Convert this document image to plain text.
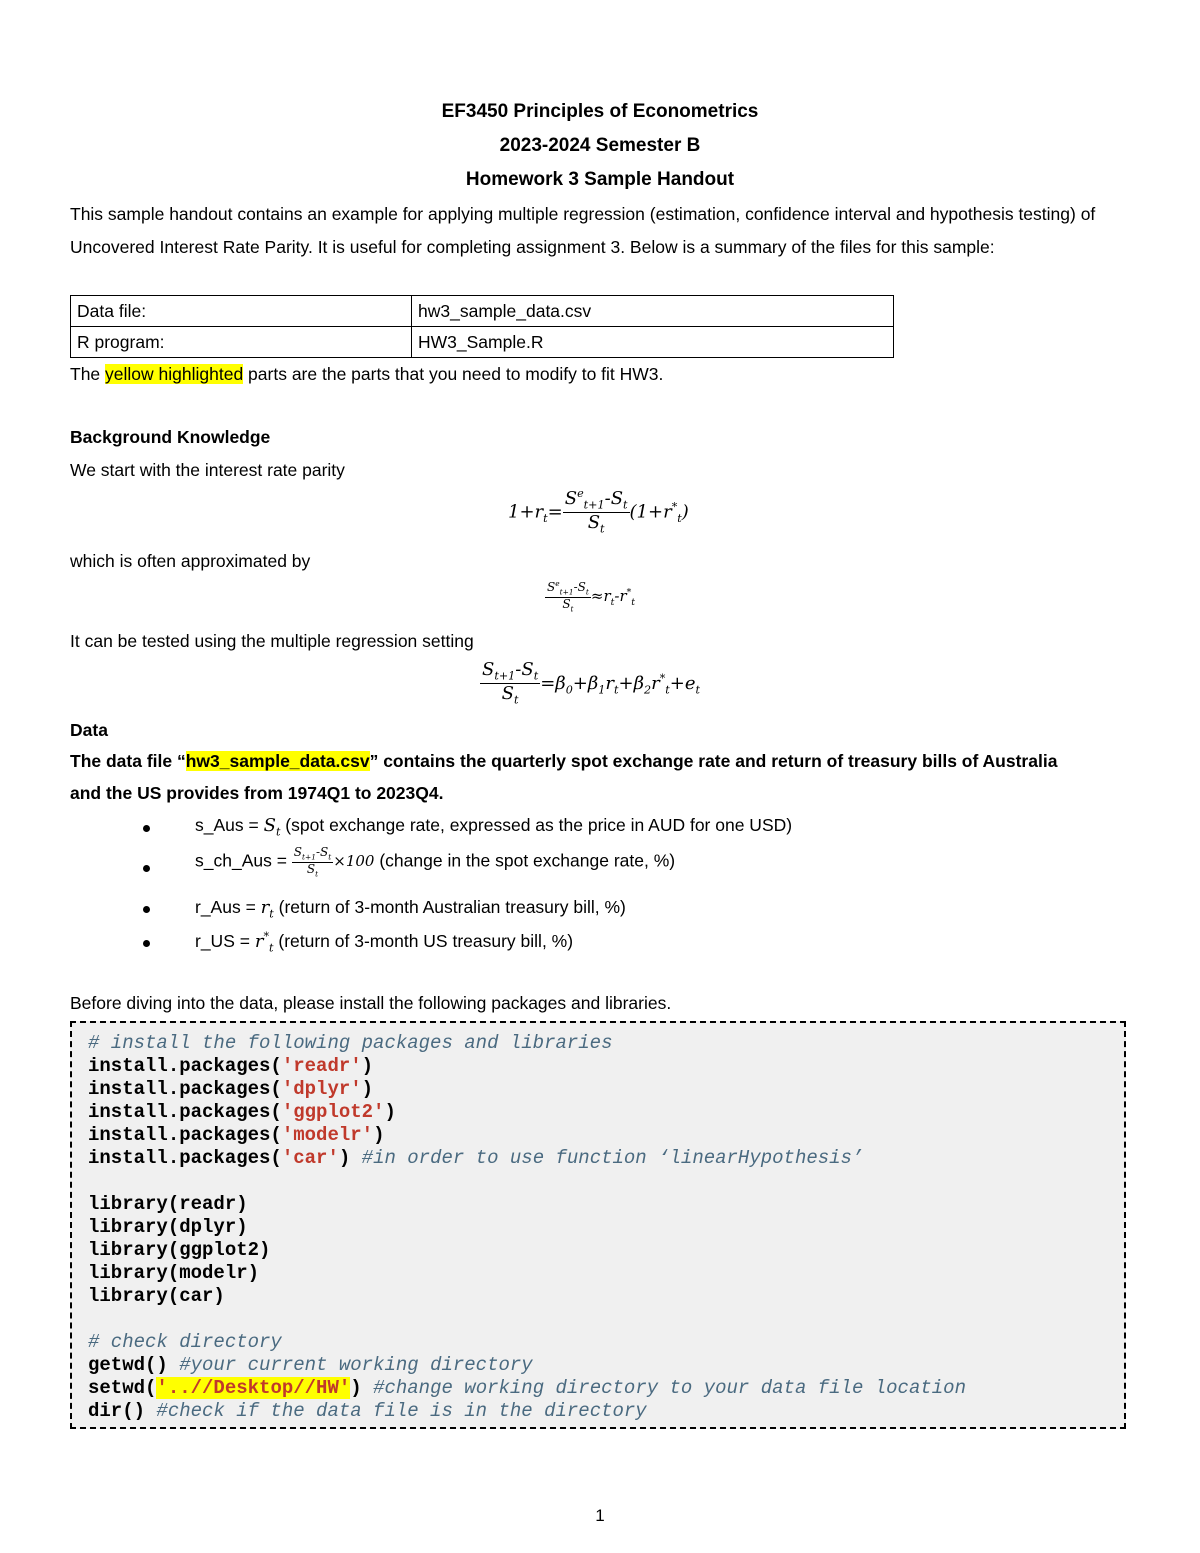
EF3450 Principles of Econometrics
2023-2024 Semester B
Homework 3 Sample Handout
This sample handout contains an example for applying multiple regression (estimation, confidence interval and hypothesis testing) of Uncovered Interest Rate Parity. It is useful for completing assignment 3. Below is a summary of the files for this sample:
Data file:	hw3_sample_data.csv
R program:	HW3_Sample.R
The yellow highlighted parts are the parts that you need to modify to fit HW3.
Background Knowledge
We start with the interest rate parity
$1+r_t= \frac{S^e_{t+1}-S_t}{S_t} (1+r^*_t)$
which is often approximated by
$\frac{S^e_{t+1}-S_t}{S_t} \approx r_t-r^*_t$
It can be tested using the multiple regression setting
$\frac{S_{t+1}-S_t}{S_t} =\beta_0+\beta_1r_t+\beta_2r^*_t+e_t$
Data
The data file “hw3_sample_data.csv” contains the quarterly spot exchange rate and return of treasury bills of Australia
and the US provides from 1974Q1 to 2023Q4.
s_Aus = $S_t$ (spot exchange rate, expressed as the price in AUD for one USD)
s_ch_Aus = $\frac{S_{t+1}-S_t}{S_t} \times 100$ (change in the spot exchange rate, %)
r_Aus = $r_t$ (return of 3-month Australian treasury bill, %)
r_US = $r^*_t$ (return of 3-month US treasury bill, %)
Before diving into the data, please install the following packages and libraries.
# install the following packages and libraries
install.packages('readr')
install.packages('dplyr')
install.packages('ggplot2')
install.packages('modelr')
install.packages('car') #in order to use function ‘linearHypothesis’
library(readr)
library(dplyr)
library(ggplot2)
library(modelr)
library(car)
# check directory
getwd() #your current working directory
setwd('..//Desktop//HW') #change working directory to your data file location
dir() #check if the data file is in the directory
1
